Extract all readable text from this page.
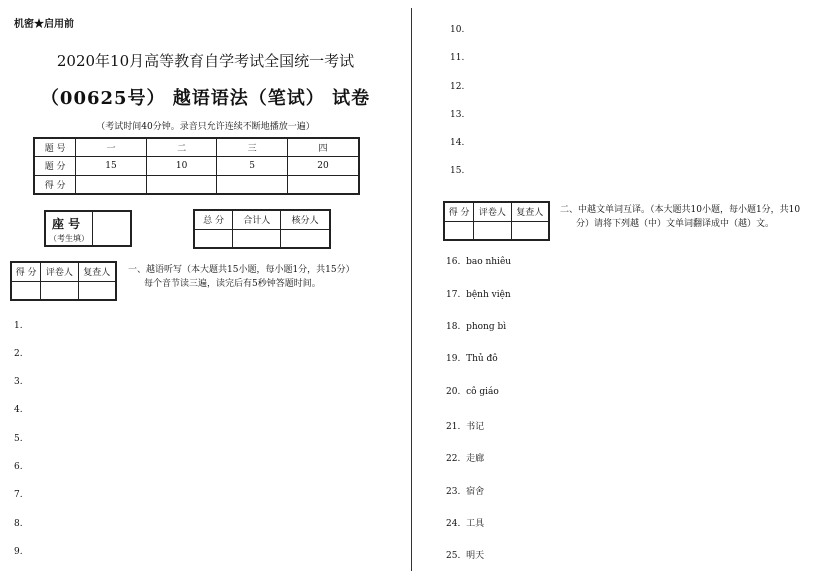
机密★启用前
2020年10月高等教育自学考试全国统一考试
（00625号） 越语语法（笔试） 试卷
（考试时间40分钟。录音只允许连续不断地播放一遍）
题 号	一	二	三	四
题 分	15	10	5	20
得 分				
座 号
（考生填）
总 分	合计人	核分人

得 分	评卷人	复查人
		一、越语听写（本大题共15小题，每小题1分，共15分）
每个音节读三遍，读完后有5秒钟答题时间。
1.
2.
3.
4.
5.
6.
7.
8.
9.
10.
11.
12.
13.
14.
15.
得 分	评卷人	复查人
		二、中越文单词互译。（本大题共10小题，每小题1分，共10
分）请将下列越（中）文单词翻译成中（越）文。
16. bao nhiêu
17. bệnh viện
18. phong bì
19. Thủ đô
20. cô giáo
21. 书记
22. 走廊
23. 宿舍
24. 工具
25. 明天
